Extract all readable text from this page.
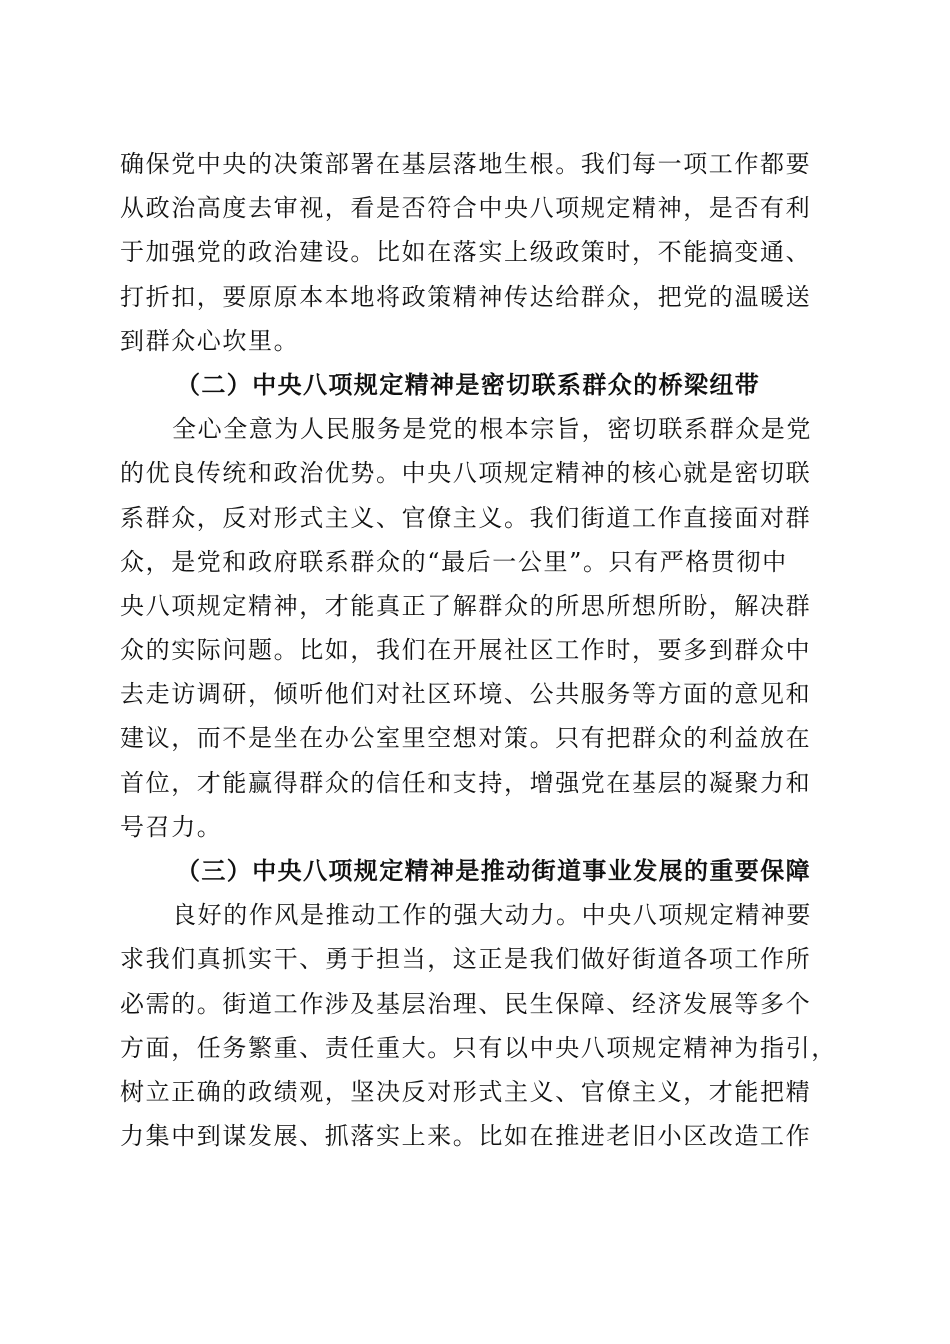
确保党中央的决策部署在基层落地生根。我们每一项工作都要
从政治高度去审视，看是否符合中央八项规定精神，是否有利
于加强党的政治建设。比如在落实上级政策时，不能搞变通、
打折扣，要原原本本地将政策精神传达给群众，把党的温暖送
到群众心坎里。
（二）中央八项规定精神是密切联系群众的桥梁纽带
全心全意为人民服务是党的根本宗旨，密切联系群众是党
的优良传统和政治优势。中央八项规定精神的核心就是密切联
系群众，反对形式主义、官僚主义。我们街道工作直接面对群
众，是党和政府联系群众的“最后一公里”。只有严格贯彻中
央八项规定精神，才能真正了解群众的所思所想所盼，解决群
众的实际问题。比如，我们在开展社区工作时，要多到群众中
去走访调研，倾听他们对社区环境、公共服务等方面的意见和
建议，而不是坐在办公室里空想对策。只有把群众的利益放在
首位，才能赢得群众的信任和支持，增强党在基层的凝聚力和
号召力。
（三）中央八项规定精神是推动街道事业发展的重要保障
良好的作风是推动工作的强大动力。中央八项规定精神要
求我们真抓实干、勇于担当，这正是我们做好街道各项工作所
必需的。街道工作涉及基层治理、民生保障、经济发展等多个
方面，任务繁重、责任重大。只有以中央八项规定精神为指引，
树立正确的政绩观，坚决反对形式主义、官僚主义，才能把精
力集中到谋发展、抓落实上来。比如在推进老旧小区改造工作
